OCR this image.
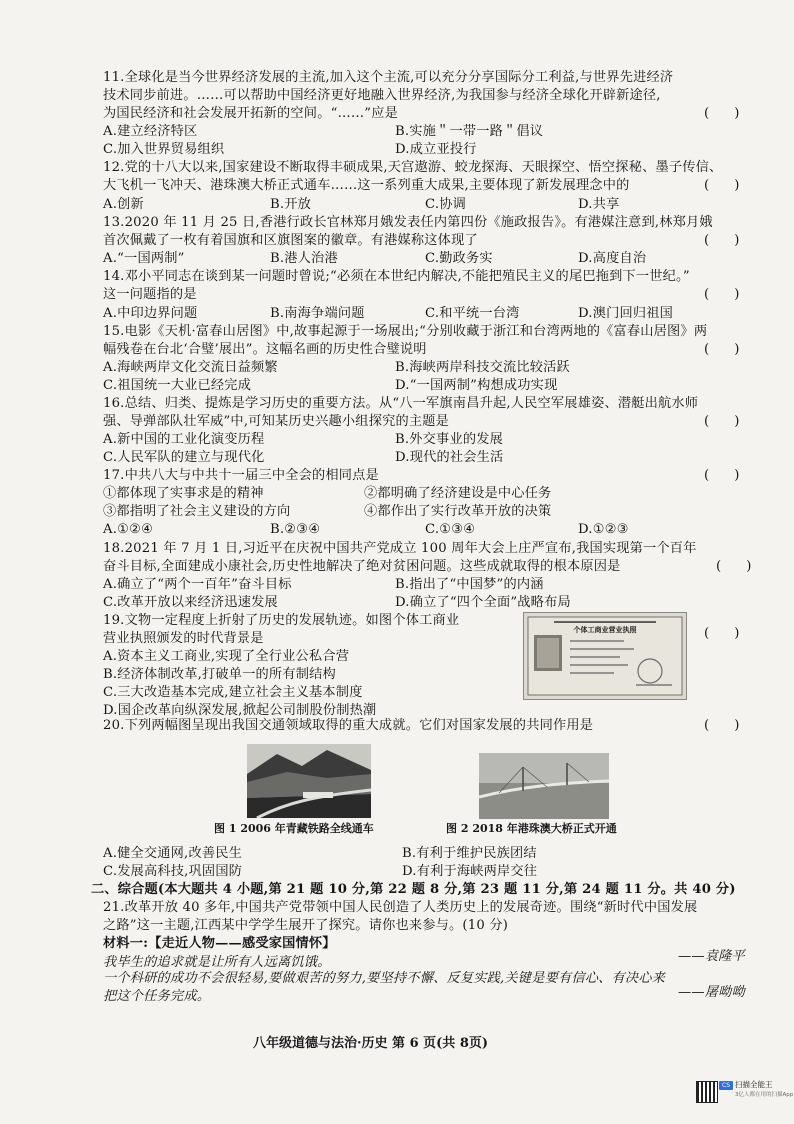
11.全球化是当今世界经济发展的主流,加入这个主流,可以充分分享国际分工利益,与世界先进经济
技术同步前进。……可以帮助中国经济更好地融入世界经济,为我国参与经济全球化开辟新途径,
为国民经济和社会发展开拓新的空间。“……”应是	(      )
A.建立经济特区	B.实施＂一带一路＂倡议
C.加入世界贸易组织	D.成立亚投行
12.党的十八大以来,国家建设不断取得丰硕成果,天宫遨游、蛟龙探海、天眼探空、悟空探秘、墨子传信、
大飞机一飞冲天、港珠澳大桥正式通车……这一系列重大成果,主要体现了新发展理念中的	(      )
A.创新	B.开放	C.协调	D.共享
13.2020 年 11 月 25 日,香港行政长官林郑月娥发表任内第四份《施政报告》。有港媒注意到,林郑月娥
首次佩戴了一枚有着国旗和区旗图案的徽章。有港媒称这体现了	(      )
A.“一国两制”	B.港人治港	C.勤政务实	D.高度自治
14.邓小平同志在谈到某一问题时曾说;“必须在本世纪内解决,不能把殖民主义的尾巴拖到下一世纪。”
这一问题指的是	(      )
A.中印边界问题	B.南海争端问题	C.和平统一台湾	D.澳门回归祖国
15.电影《天机·富春山居图》中,故事起源于一场展出;“分别收藏于浙江和台湾两地的《富春山居图》两
幅残卷在台北‘合璧’展出”。这幅名画的历史性合璧说明	(      )
A.海峡两岸文化交流日益频繁	B.海峡两岸科技交流比较活跃
C.祖国统一大业已经完成	D.“一国两制”构想成功实现
16.总结、归类、提炼是学习历史的重要方法。从“八一军旗南昌升起,人民空军展雄姿、潜艇出航水师
强、导弹部队壮军威”中,可知某历史兴趣小组探究的主题是	(      )
A.新中国的工业化演变历程	B.外交事业的发展
C.人民军队的建立与现代化	D.现代的社会生活
17.中共八大与中共十一届三中全会的相同点是	(      )
①都体现了实事求是的精神	②都明确了经济建设是中心任务
③都指明了社会主义建设的方向	④都作出了实行改革开放的决策
A.①②④	B.②③④	C.①③④	D.①②③
18.2021 年 7 月 1 日,习近平在庆祝中国共产党成立 100 周年大会上庄严宣布,我国实现第一个百年
奋斗目标,全面建成小康社会,历史性地解决了绝对贫困问题。这些成就取得的根本原因是	(      )
A.确立了“两个一百年”奋斗目标	B.指出了“中国梦”的内涵
C.改革开放以来经济迅速发展	D.确立了“四个全面”战略布局
19.文物一定程度上折射了历史的发展轨迹。如图个体工商业
营业执照颁发的时代背景是	(      )
A.资本主义工商业,实现了全行业公私合营
B.经济体制改革,打破单一的所有制结构
C.三大改造基本完成,建立社会主义基本制度
D.国企改革向纵深发展,掀起公司制股份制热潮
个体工商业营业执照
20.下列两幅图呈现出我国交通领域取得的重大成就。它们对国家发展的共同作用是	(      )
图 1 2006 年青藏铁路全线通车	图 2 2018 年港珠澳大桥正式开通
A.健全交通网,改善民生	B.有利于维护民族团结
C.发展高科技,巩固国防	D.有利于海峡两岸交往
二、综合题(本大题共 4 小题,第 21 题 10 分,第 22 题 8 分,第 23 题 11 分,第 24 题 11 分。共 40 分)
21.改革开放 40 多年,中国共产党带领中国人民创造了人类历史上的发展奇迹。围绕“新时代中国发展
之路”这一主题,江西某中学学生展开了探究。请你也来参与。(10 分)
材料一:【走近人物——感受家国情怀】
我毕生的追求就是让所有人远离饥饿。	——袁隆平
一个科研的成功不会很轻易,要做艰苦的努力,要坚持不懈、反复实践,关键是要有信心、有决心来
把这个任务完成。	——屠呦呦
八年级道德与法治·历史 第 6 页(共 8页)
CS 扫描全能王
3亿人都在用的扫描App
